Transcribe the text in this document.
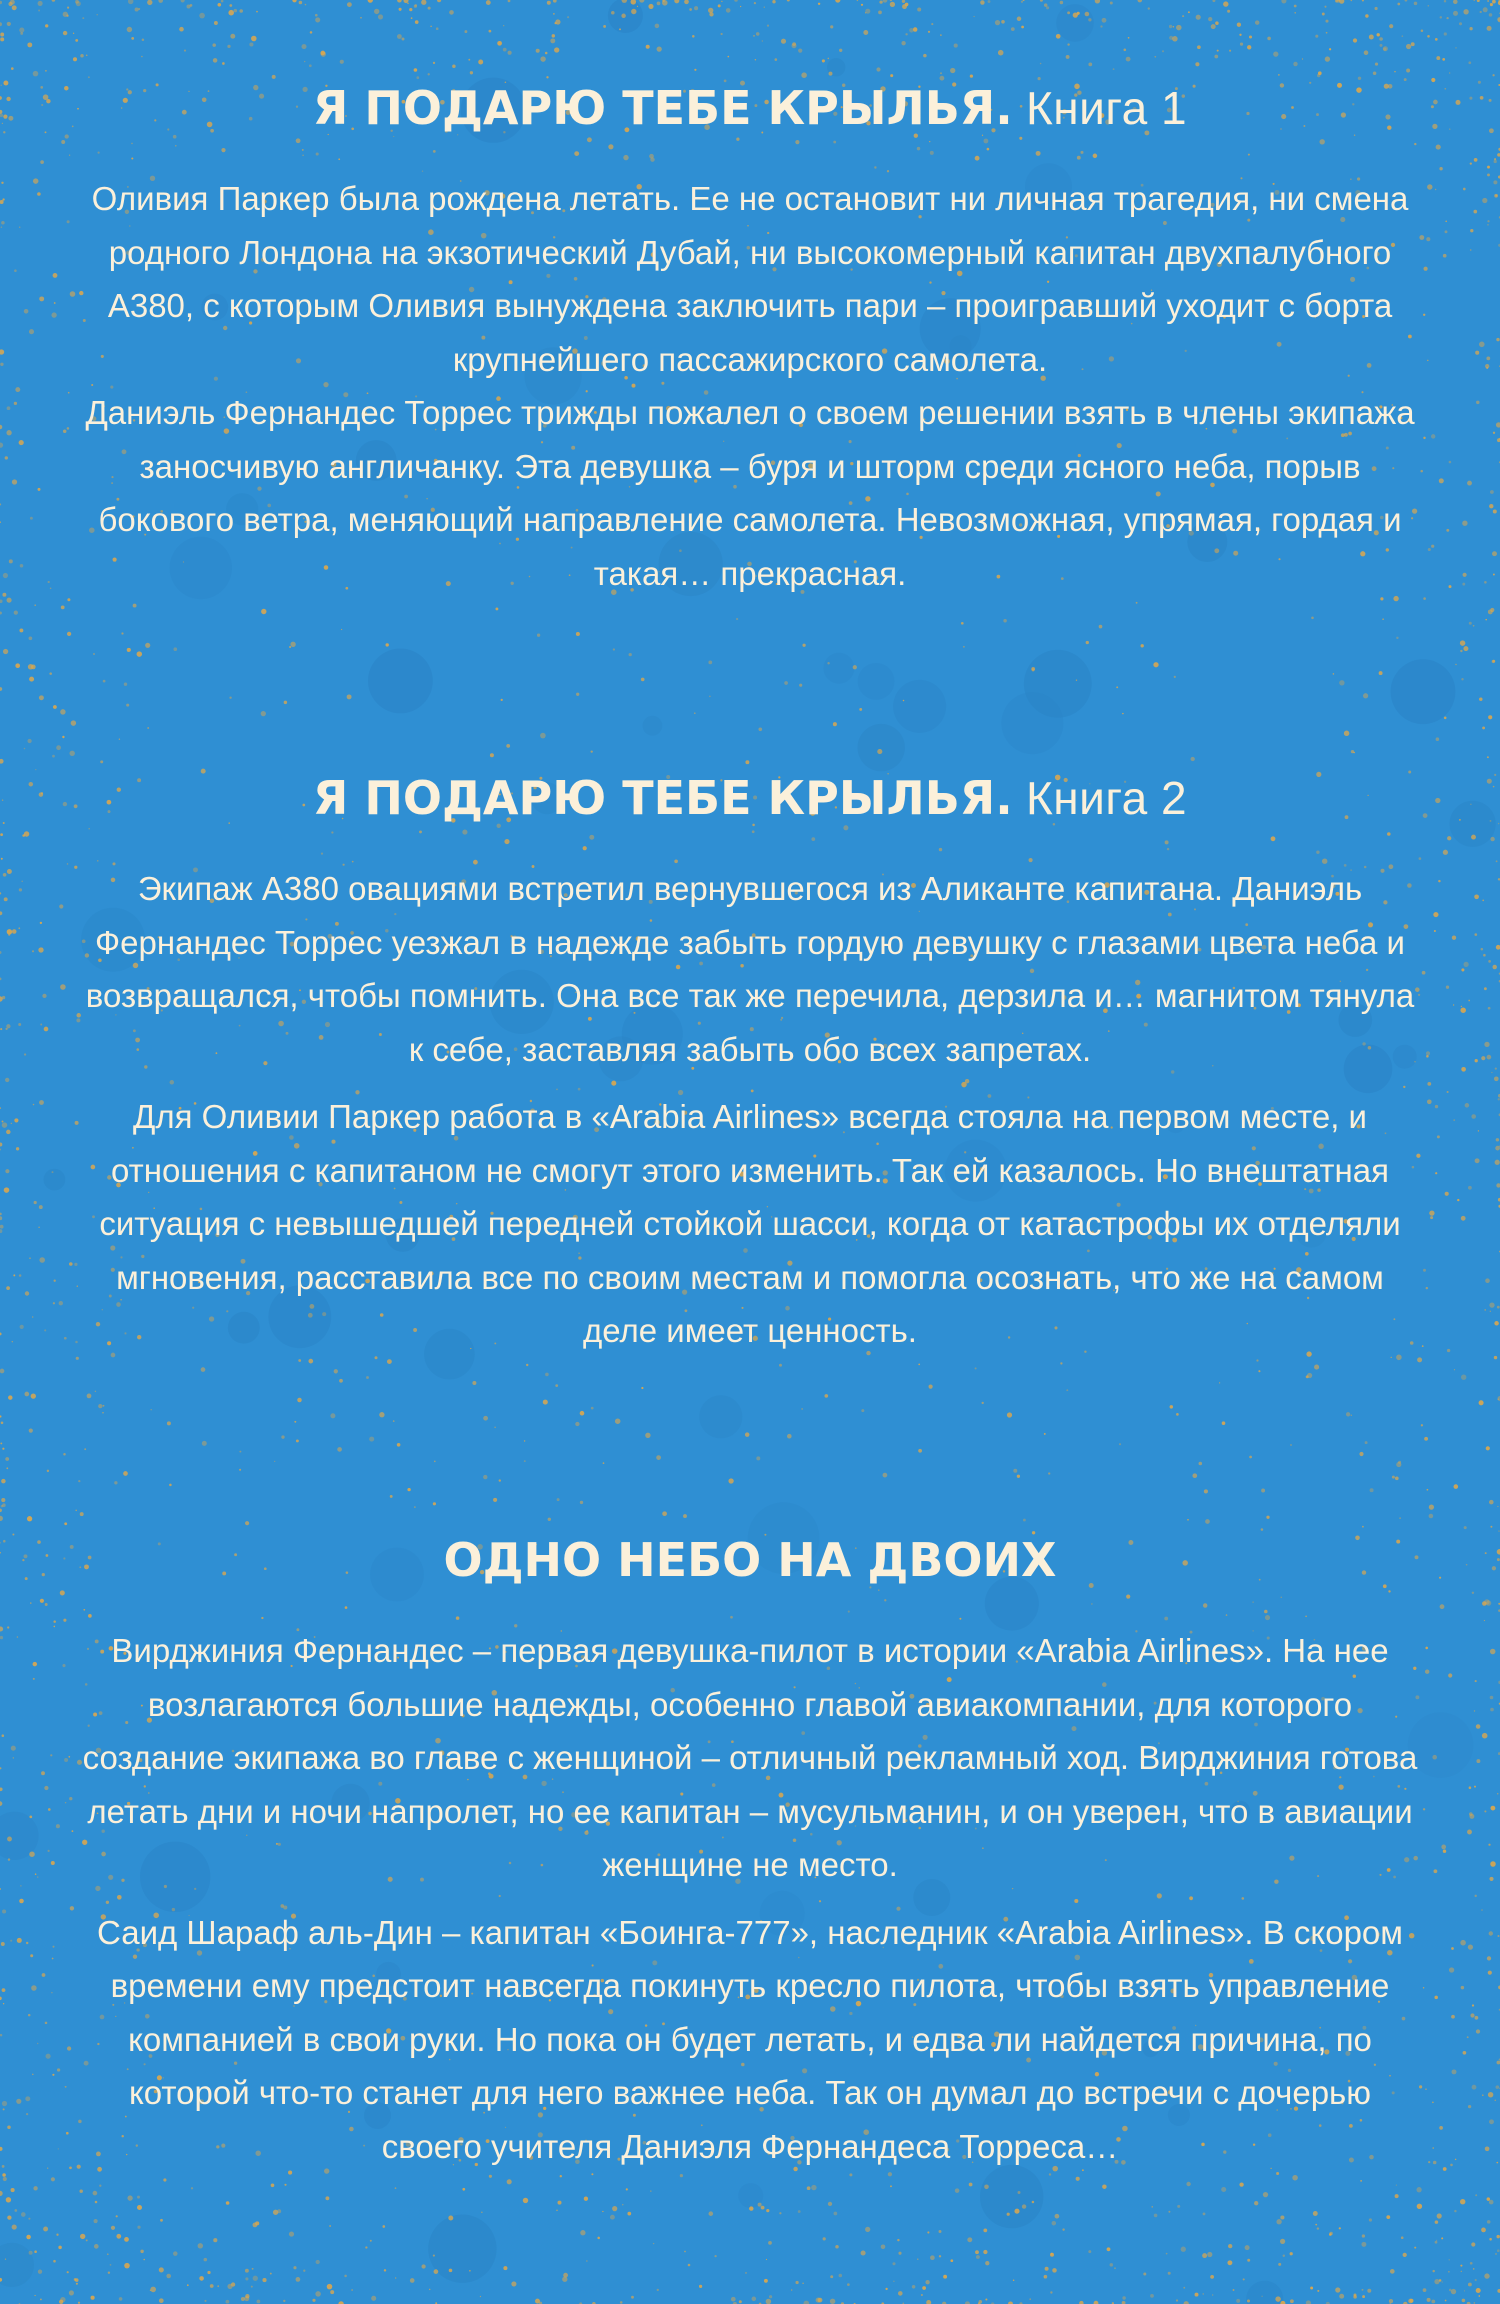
Я ПОДАРЮ ТЕБЕ КРЫЛЬЯ. Книга 1

Оливия Паркер была рождена летать. Ее не остановит ни личная трагедия, ни смена родного Лондона на экзотический Дубай, ни высокомерный капитан двухпалубного А380, с которым Оливия вынуждена заключить пари – проигравший уходит с борта крупнейшего пассажирского самолета.
Даниэль Фернандес Торрес трижды пожалел о своем решении взять в члены экипажа заносчивую англичанку. Эта девушка – буря и шторм среди ясного неба, порыв бокового ветра, меняющий направление самолета. Невозможная, упрямая, гордая и такая… прекрасная.

Я ПОДАРЮ ТЕБЕ КРЫЛЬЯ. Книга 2

Экипаж А380 овациями встретил вернувшегося из Аликанте капитана. Даниэль Фернандес Торрес уезжал в надежде забыть гордую девушку с глазами цвета неба и возвращался, чтобы помнить. Она все так же перечила, дерзила и… магнитом тянула к себе, заставляя забыть обо всех запретах.

Для Оливии Паркер работа в «Arabia Airlines» всегда стояла на первом месте, и отношения с капитаном не смогут этого изменить. Так ей казалось. Но внештатная ситуация с невышедшей передней стойкой шасси, когда от катастрофы их отделяли мгновения, расставила все по своим местам и помогла осознать, что же на самом деле имеет ценность.

ОДНО НЕБО НА ДВОИХ

Вирджиния Фернандес – первая девушка-пилот в истории «Arabia Airlines». На нее возлагаются большие надежды, особенно главой авиакомпании, для которого создание экипажа во главе с женщиной – отличный рекламный ход. Вирджиния готова летать дни и ночи напролет, но ее капитан – мусульманин, и он уверен, что в авиации женщине не место.

Саид Шараф аль-Дин – капитан «Боинга-777», наследник «Arabia Airlines». В скором времени ему предстоит навсегда покинуть кресло пилота, чтобы взять управление компанией в свои руки. Но пока он будет летать, и едва ли найдется причина, по которой что-то станет для него важнее неба. Так он думал до встречи с дочерью своего учителя Даниэля Фернандеса Торреса…
